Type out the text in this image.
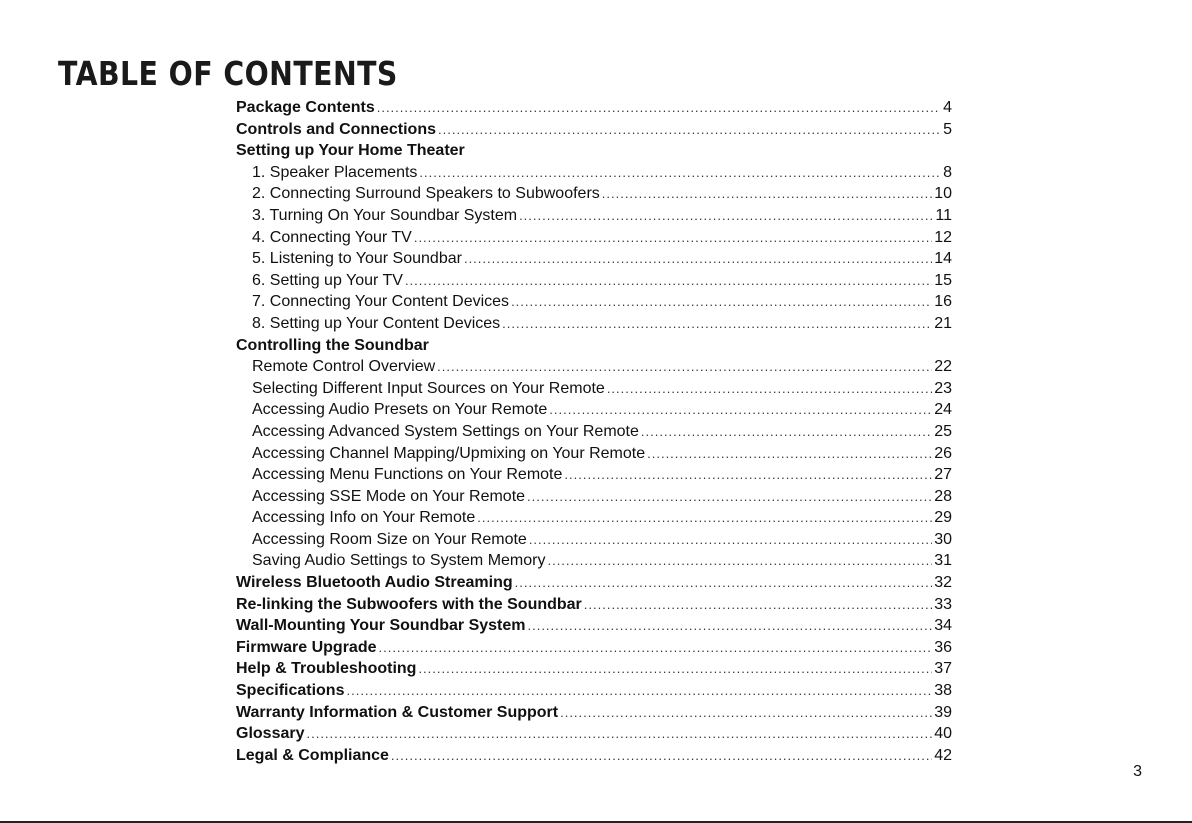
TABLE OF CONTENTS
Package Contents .....	4
Controls and Connections .....	5
Setting up Your Home Theater
1. Speaker Placements .....	8
2. Connecting Surround Speakers to Subwoofers .....	10
3. Turning On Your Soundbar System .....	11
4. Connecting Your TV .....	12
5. Listening to Your Soundbar .....	14
6. Setting up Your TV .....	15
7. Connecting Your Content Devices .....	16
8. Setting up Your Content Devices .....	21
Controlling the Soundbar
Remote Control Overview .....	22
Selecting Different Input Sources on Your Remote .....	23
Accessing Audio Presets on Your Remote .....	24
Accessing Advanced System Settings on Your Remote .....	25
Accessing Channel Mapping/Upmixing on Your Remote .....	26
Accessing Menu Functions on Your Remote .....	27
Accessing SSE Mode on Your Remote .....	28
Accessing Info on Your Remote .....	29
Accessing Room Size on Your Remote .....	30
Saving Audio Settings to System Memory .....	31
Wireless Bluetooth Audio Streaming .....	32
Re-linking the Subwoofers with the Soundbar .....	33
Wall-Mounting Your Soundbar System .....	34
Firmware Upgrade .....	36
Help & Troubleshooting .....	37
Specifications .....	38
Warranty Information & Customer Support .....	39
Glossary .....	40
Legal & Compliance .....	42
3
